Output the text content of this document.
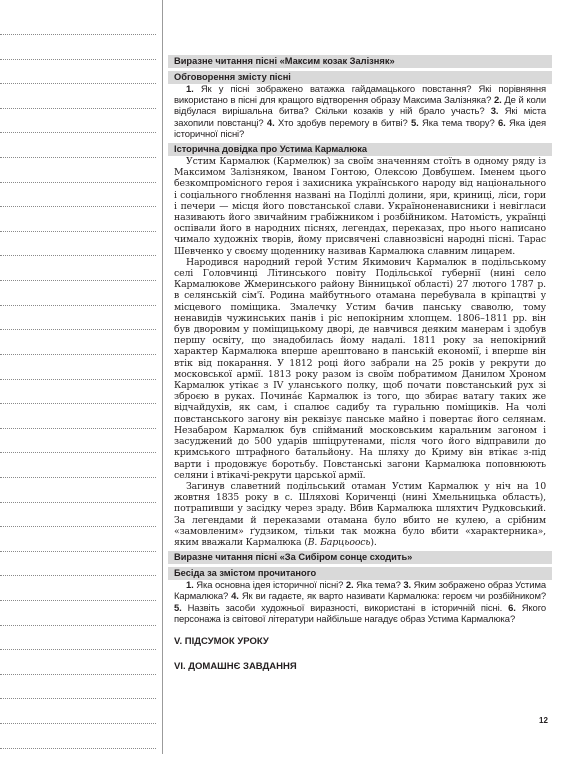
Виразне читання пісні «Максим козак Залізняк»
Обговорення змісту пісні

1. Як у пісні зображено ватажка гайдамацького повстання? Які порівняння використано в пісні для кращого відтворення образу Максима Залізняка? 2. Де й коли відбулася вирішальна битва? Скільки козаків у ній брало участь? 3. Які міста захопили повстанці? 4. Хто здобув перемогу в битві? 5. Яка тема твору? 6. Яка ідея історичної пісні?

Історична довідка про Устима Кармалюка

Устим Кармалюк (Кармелюк) за своїм значенням стоїть в одному ряду із Максимом Залізняком, Іваном Гонтою, Олексою Довбушем. Іменем цього безкомпромісного героя і захисника українського народу від національного і соціального гноблення названі на Поділлі долини, яри, криниці, ліси, гори і печери — місця його повстанської слави. Україноненависники і невігласи називають його звичайним грабіжником і розбійником. Натомість, українці оспівали його в народних піснях, легендах, переказах, про нього написано чимало художніх творів, йому присвячені славнозвісні народні пісні. Тарас Шевченко у своєму щоденнику називав Кармалюка славним лицарем.

Народився народний герой Устим Якимович Кармалюк в подільському селі Головчинці Літинського повіту Подільської губернії (нині село Кармалюкове Жмеринського району Вінницької області) 27 лютого 1787 р. в селянській сім'ї. Родина майбутнього отамана перебувала в кріпацтві у місцевого поміщика. Змалечку Устим бачив панську сваволю, тому ненавидів чужинських панів і ріс непокірним хлопцем. 1806–1811 рр. він був дворовим у поміщицькому дворі, де навчився деяким манерам і здобув першу освіту, що знадобилась йому надалі. 1811 року за непокірний характер Кармалюка вперше арештовано в панській економії, і вперше він втік від покарання. У 1812 році його забрали на 25 років у рекрути до московської армії. 1813 року разом із своїм побратимом Данилом Хроном Кармалюк утікає з IV уланського полку, щоб почати повстанський рух зі зброєю в руках. Почина́є Кармалюк із того, що збирає ватагу таких же відчайдухів, як сам, і спалює садибу та гуральню поміщиків. На чолі повстанського загону він реквізує панське майно і повертає його селянам. Незабаром Кармалюк був спійманий московським каральним загоном і засуджений до 500 ударів шпіцрутенами, після чого його відправили до кримського штрафного батальйону. На шляху до Криму він втікає з-під варти і продовжує боротьбу. Повстанські загони Кармалюка поповнюють селяни і втікачі-рекрути царської армії.

Загинув славетний подільський отаман Устим Кармалюк у ніч на 10 жовтня 1835 року в с. Шляхові Кориченці (нині Хмельницька область), потрапивши у засідку через зраду. Вбив Кармалюка шляхтич Рудковський. За легендами й переказами отамана було вбито не кулею, а срібним «замовленим» ґудзиком, тільки так можна було вбити «характерника», яким вважали Кармалюка (В. Барцьоось).

Виразне читання пісні «За Сибіром сонце сходить»
Бесіда за змістом прочитаного

1. Яка основна ідея історичної пісні? 2. Яка тема? 3. Яким зображено образ Устима Кармалюка? 4. Як ви гадаєте, як варто називати Кармалюка: героєм чи розбійником? 5. Назвіть засоби художньої виразності, використані в історичній пісні. 6. Якого персонажа із світової літератури найбільше нагадує образ Устима Кармалюка?

V. ПІДСУМОК УРОКУ
VI. ДОМАШНЄ ЗАВДАННЯ
12
